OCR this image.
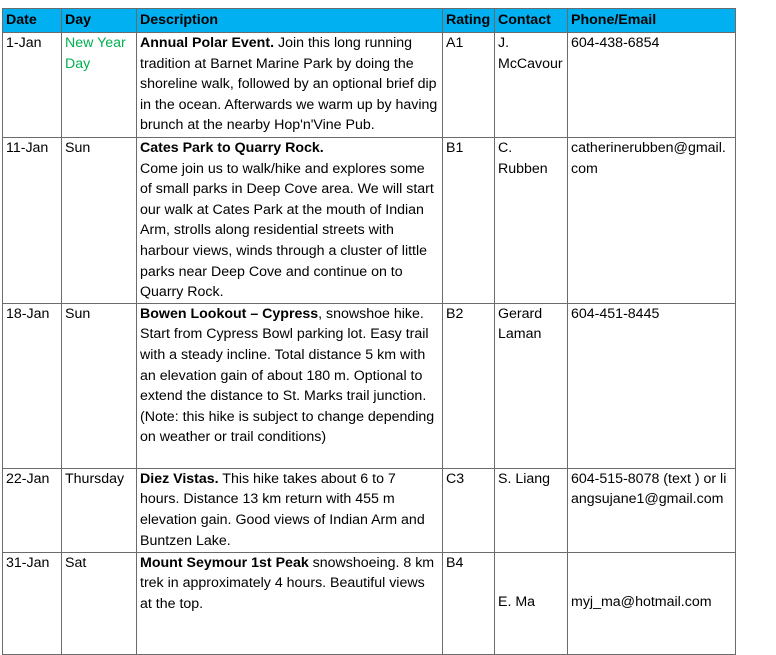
Date	Day	Description	Rating	Contact	Phone/Email
1-Jan	New Year Day	Annual Polar Event. Join this long running tradition at Barnet Marine Park by doing the shoreline walk, followed by an optional brief dip in the ocean. Afterwards we warm up by having brunch at the nearby Hop'n'Vine Pub.	A1	J. McCavour	604-438-6854
11-Jan	Sun	Cates Park to Quarry Rock.
Come join us to walk/hike and explores some of small parks in Deep Cove area. We will start our walk at Cates Park at the mouth of Indian Arm, strolls along residential streets with harbour views, winds through a cluster of little parks near Deep Cove and continue on to Quarry Rock.	B1	C. Rubben	catherinerubben@gmail.com
18-Jan	Sun	Bowen Lookout – Cypress, snowshoe hike. Start from Cypress Bowl parking lot. Easy trail with a steady incline. Total distance 5 km with an elevation gain of about 180 m. Optional to extend the distance to St. Marks trail junction. (Note: this hike is subject to change depending on weather or trail conditions)	B2	Gerard Laman	604-451-8445
22-Jan	Thursday	Diez Vistas. This hike takes about 6 to 7 hours. Distance 13 km return with 455 m elevation gain. Good views of Indian Arm and Buntzen Lake.	C3	S. Liang	604-515-8078 (text ) or liangsujane1@gmail.com
31-Jan	Sat	Mount Seymour 1st Peak snowshoeing. 8 km trek in approximately 4 hours. Beautiful views at the top.	B4	E. Ma	myj_ma@hotmail.com
